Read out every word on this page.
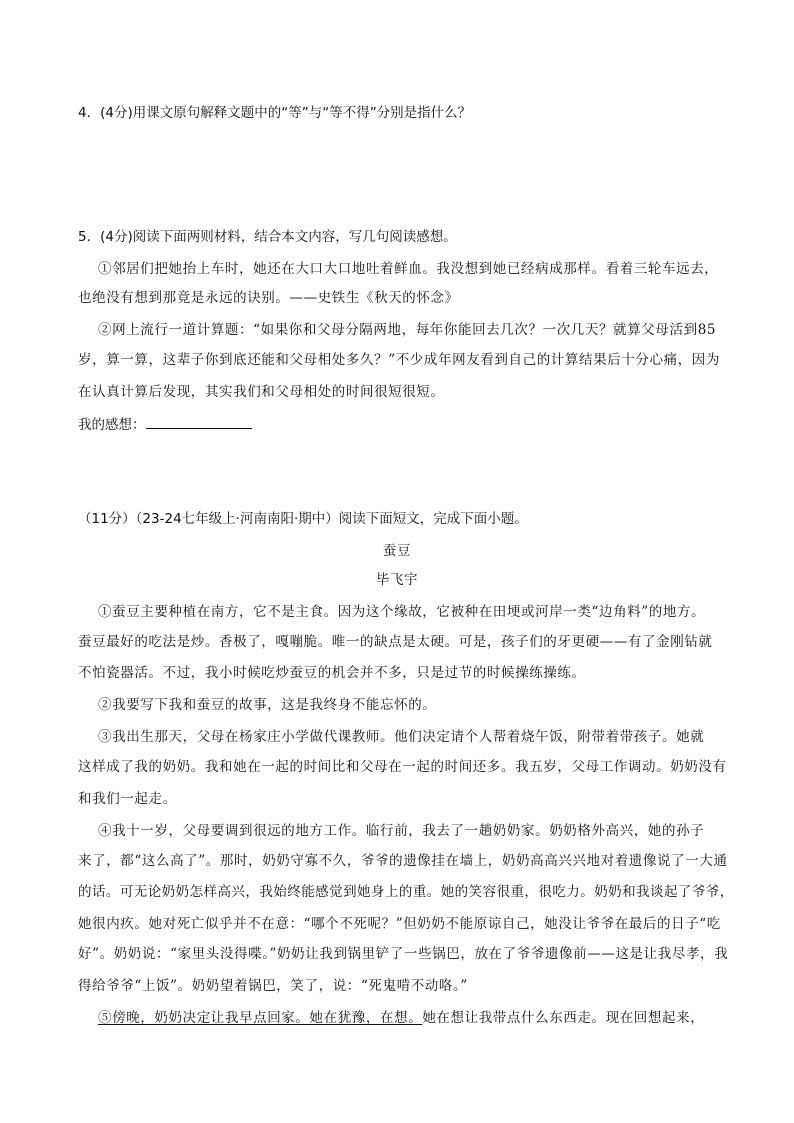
4．(4分)用课文原句解释文题中的“等”与“等不得”分别是指什么？
5．(4分)阅读下面两则材料，结合本文内容，写几句阅读感想。
①邻居们把她抬上车时，她还在大口大口地吐着鲜血。我没想到她已经病成那样。看着三轮车远去，
也绝没有想到那竟是永远的诀别。——史铁生《秋天的怀念》
②网上流行一道计算题：“如果你和父母分隔两地，每年你能回去几次？一次几天？就算父母活到85
岁，算一算，这辈子你到底还能和父母相处多久？”不少成年网友看到自己的计算结果后十分心痛，因为
在认真计算后发现，其实我们和父母相处的时间很短很短。
我的感想：
（11分）（23-24七年级上·河南南阳·期中）阅读下面短文，完成下面小题。
蚕豆
毕飞宇
①蚕豆主要种植在南方，它不是主食。因为这个缘故，它被种在田埂或河岸一类“边角料”的地方。
蚕豆最好的吃法是炒。香极了，嘎嘣脆。唯一的缺点是太硬。可是，孩子们的牙更硬——有了金刚钻就
不怕瓷器活。不过，我小时候吃炒蚕豆的机会并不多，只是过节的时候操练操练。
②我要写下我和蚕豆的故事，这是我终身不能忘怀的。
③我出生那天，父母在杨家庄小学做代课教师。他们决定请个人帮着烧午饭，附带着带孩子。她就
这样成了我的奶奶。我和她在一起的时间比和父母在一起的时间还多。我五岁，父母工作调动。奶奶没有
和我们一起走。
④我十一岁，父母要调到很远的地方工作。临行前，我去了一趟奶奶家。奶奶格外高兴，她的孙子
来了，都“这么高了”。那时，奶奶守寡不久，爷爷的遗像挂在墙上，奶奶高高兴兴地对着遗像说了一大通
的话。可无论奶奶怎样高兴，我始终能感觉到她身上的重。她的笑容很重，很吃力。奶奶和我谈起了爷爷，
她很内疚。她对死亡似乎并不在意：“哪个不死呢？”但奶奶不能原谅自己，她没让爷爷在最后的日子“吃
好”。奶奶说：“家里头没得喋。”奶奶让我到锅里铲了一些锅巴，放在了爷爷遗像前——这是让我尽孝，我
得给爷爷“上饭”。奶奶望着锅巴，笑了，说：“死鬼啃不动咯。”
⑤傍晚，奶奶决定让我早点回家。她在犹豫，在想。她在想让我带点什么东西走。现在回想起来，
